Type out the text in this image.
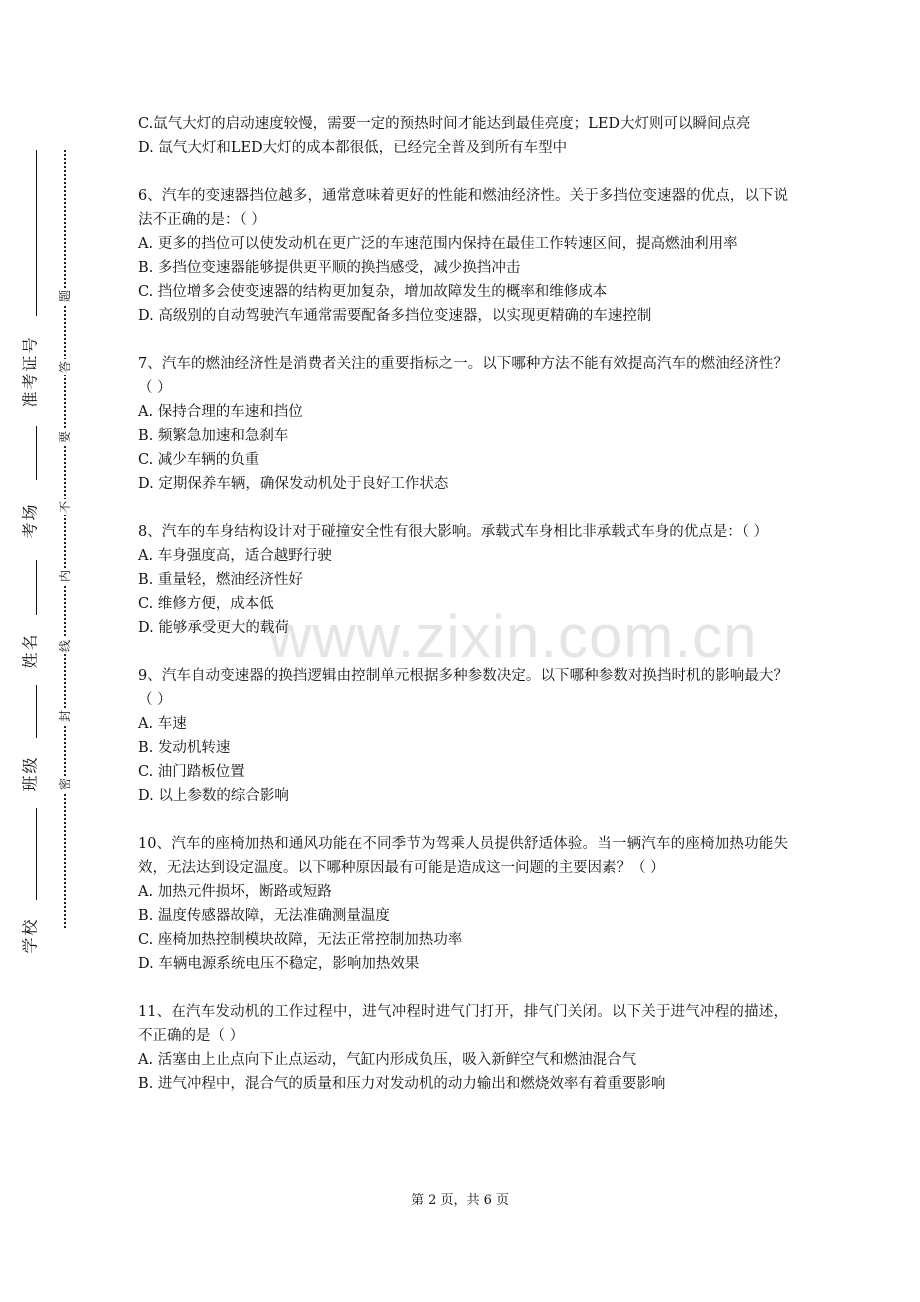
准考证号
考场
姓名
班级
学校
题
答
要
不
内
线
封
密
www.zixin.com.cn

C.氙气大灯的启动速度较慢，需要一定的预热时间才能达到最佳亮度；LED大灯则可以瞬间点亮

D. 氙气大灯和LED大灯的成本都很低，已经完全普及到所有车型中

6、汽车的变速器挡位越多，通常意味着更好的性能和燃油经济性。关于多挡位变速器的优点，以下说法不正确的是：（ ）

A. 更多的挡位可以使发动机在更广泛的车速范围内保持在最佳工作转速区间，提高燃油利用率

B. 多挡位变速器能够提供更平顺的换挡感受，减少换挡冲击

C. 挡位增多会使变速器的结构更加复杂，增加故障发生的概率和维修成本

D. 高级别的自动驾驶汽车通常需要配备多挡位变速器，以实现更精确的车速控制

7、汽车的燃油经济性是消费者关注的重要指标之一。以下哪种方法不能有效提高汽车的燃油经济性？（ ）

A. 保持合理的车速和挡位

B. 频繁急加速和急刹车

C. 减少车辆的负重

D. 定期保养车辆，确保发动机处于良好工作状态

8、汽车的车身结构设计对于碰撞安全性有很大影响。承载式车身相比非承载式车身的优点是：（ ）

A. 车身强度高，适合越野行驶

B. 重量轻，燃油经济性好

C. 维修方便，成本低

D. 能够承受更大的载荷

9、汽车自动变速器的换挡逻辑由控制单元根据多种参数决定。以下哪种参数对换挡时机的影响最大？（ ）

A. 车速

B. 发动机转速

C. 油门踏板位置

D. 以上参数的综合影响

10、汽车的座椅加热和通风功能在不同季节为驾乘人员提供舒适体验。当一辆汽车的座椅加热功能失效，无法达到设定温度。以下哪种原因最有可能是造成这一问题的主要因素？（ ）

A. 加热元件损坏，断路或短路

B. 温度传感器故障，无法准确测量温度

C. 座椅加热控制模块故障，无法正常控制加热功率

D. 车辆电源系统电压不稳定，影响加热效果

11、在汽车发动机的工作过程中，进气冲程时进气门打开，排气门关闭。以下关于进气冲程的描述，不正确的是（ ）

A. 活塞由上止点向下止点运动，气缸内形成负压，吸入新鲜空气和燃油混合气

B. 进气冲程中，混合气的质量和压力对发动机的动力输出和燃烧效率有着重要影响

第 2 页，共 6 页
